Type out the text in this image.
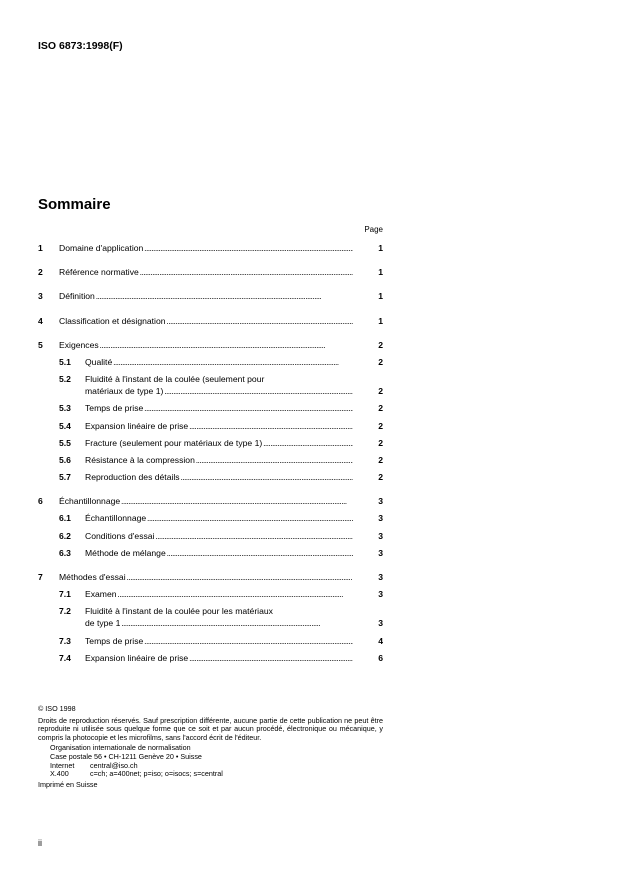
ISO 6873:1998(F)
Sommaire
Page
1	Domaine d'application . . .	1
2	Référence normative . . .	1
3	Définition . . .	1
4	Classification et désignation . . .	1
5	Exigences . . .	2
5.1	Qualité . . .	2
5.2	Fluidité à l'instant de la coulée (seulement pour
matériaux de type 1) . . .	2
5.3	Temps de prise . . .	2
5.4	Expansion linéaire de prise . . .	2
5.5	Fracture (seulement pour matériaux de type 1) . . .	2
5.6	Résistance à la compression . . .	2
5.7	Reproduction des détails . . .	2
6	Échantillonnage . . .	3
6.1	Échantillonnage . . .	3
6.2	Conditions d'essai . . .	3
6.3	Méthode de mélange . . .	3
7	Méthodes d'essai . . .	3
7.1	Examen . . .	3
7.2	Fluidité à l'instant de la coulée pour les matériaux
de type 1 . . .	3
7.3	Temps de prise . . .	4
7.4	Expansion linéaire de prise . . .	6
© ISO 1998
Droits de reproduction réservés. Sauf prescription différente, aucune partie de cette publication ne peut être reproduite ni utilisée sous quelque forme que ce soit et par aucun procédé, électronique ou mécanique, y compris la photocopie et les microfilms, sans l'accord écrit de l'éditeur.
Organisation internationale de normalisation
Case postale 56 • CH-1211 Genève 20 • Suisse
Internet central@iso.ch
X.400	c=ch; a=400net; p=iso; o=isocs; s=central
Imprimé en Suisse
ii
